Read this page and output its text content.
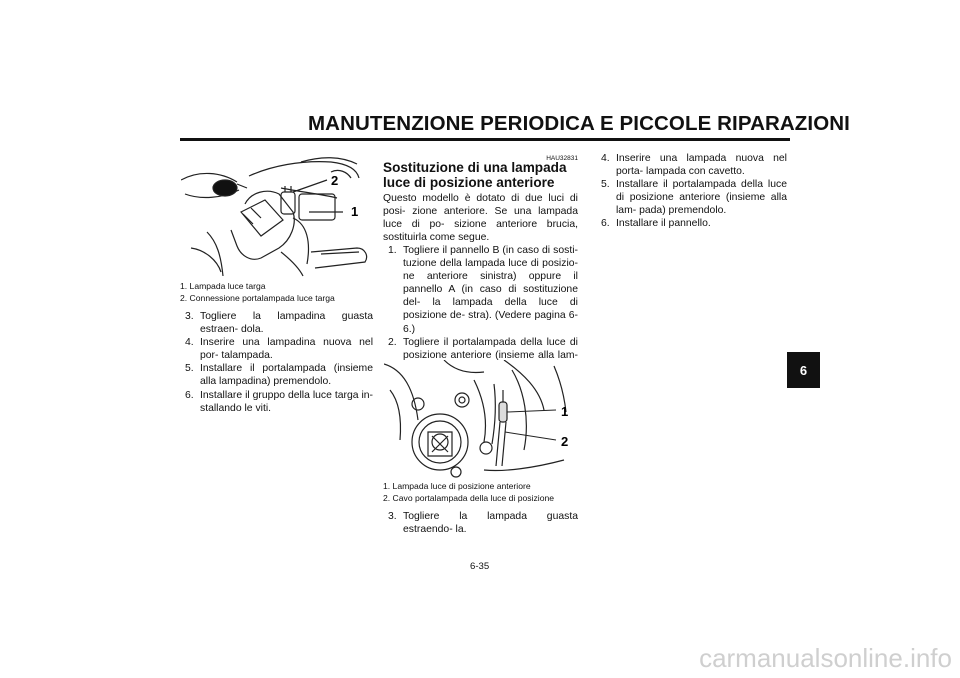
MANUTENZIONE PERIODICA E PICCOLE RIPARAZIONI
6
2
1
1. Lampada luce targa
2. Connessione portalampada luce targa
3. Togliere la lampadina guasta estraen- dola.
4. Inserire una lampadina nuova nel por- talampada.
5. Installare il portalampada (insieme alla lampadina) premendolo.
6. Installare il gruppo della luce targa in- stallando le viti.
HAU32831
Sostituzione di una lampada luce di posizione anteriore

Questo modello è dotato di due luci di posi- zione anteriore. Se una lampada luce di po- sizione anteriore brucia, sostituirla come segue.

1. Togliere il pannello B (in caso di sosti- tuzione della lampada luce di posizio- ne anteriore sinistra) oppure il pannello A (in caso di sostituzione del- la lampada della luce di posizione de- stra). (Vedere pagina 6-6.)
2. Togliere il portalampada della luce di posizione anteriore (insieme alla lam- pada) estraendolo.
1
2
1. Lampada luce di posizione anteriore
2. Cavo portalampada della luce di posizione
3. Togliere la lampada guasta estraendo- la.
4. Inserire una lampada nuova nel porta- lampada con cavetto.
5. Installare il portalampada della luce di posizione anteriore (insieme alla lam- pada) premendolo.
6. Installare il pannello.
6-35
carmanualsonline.info
